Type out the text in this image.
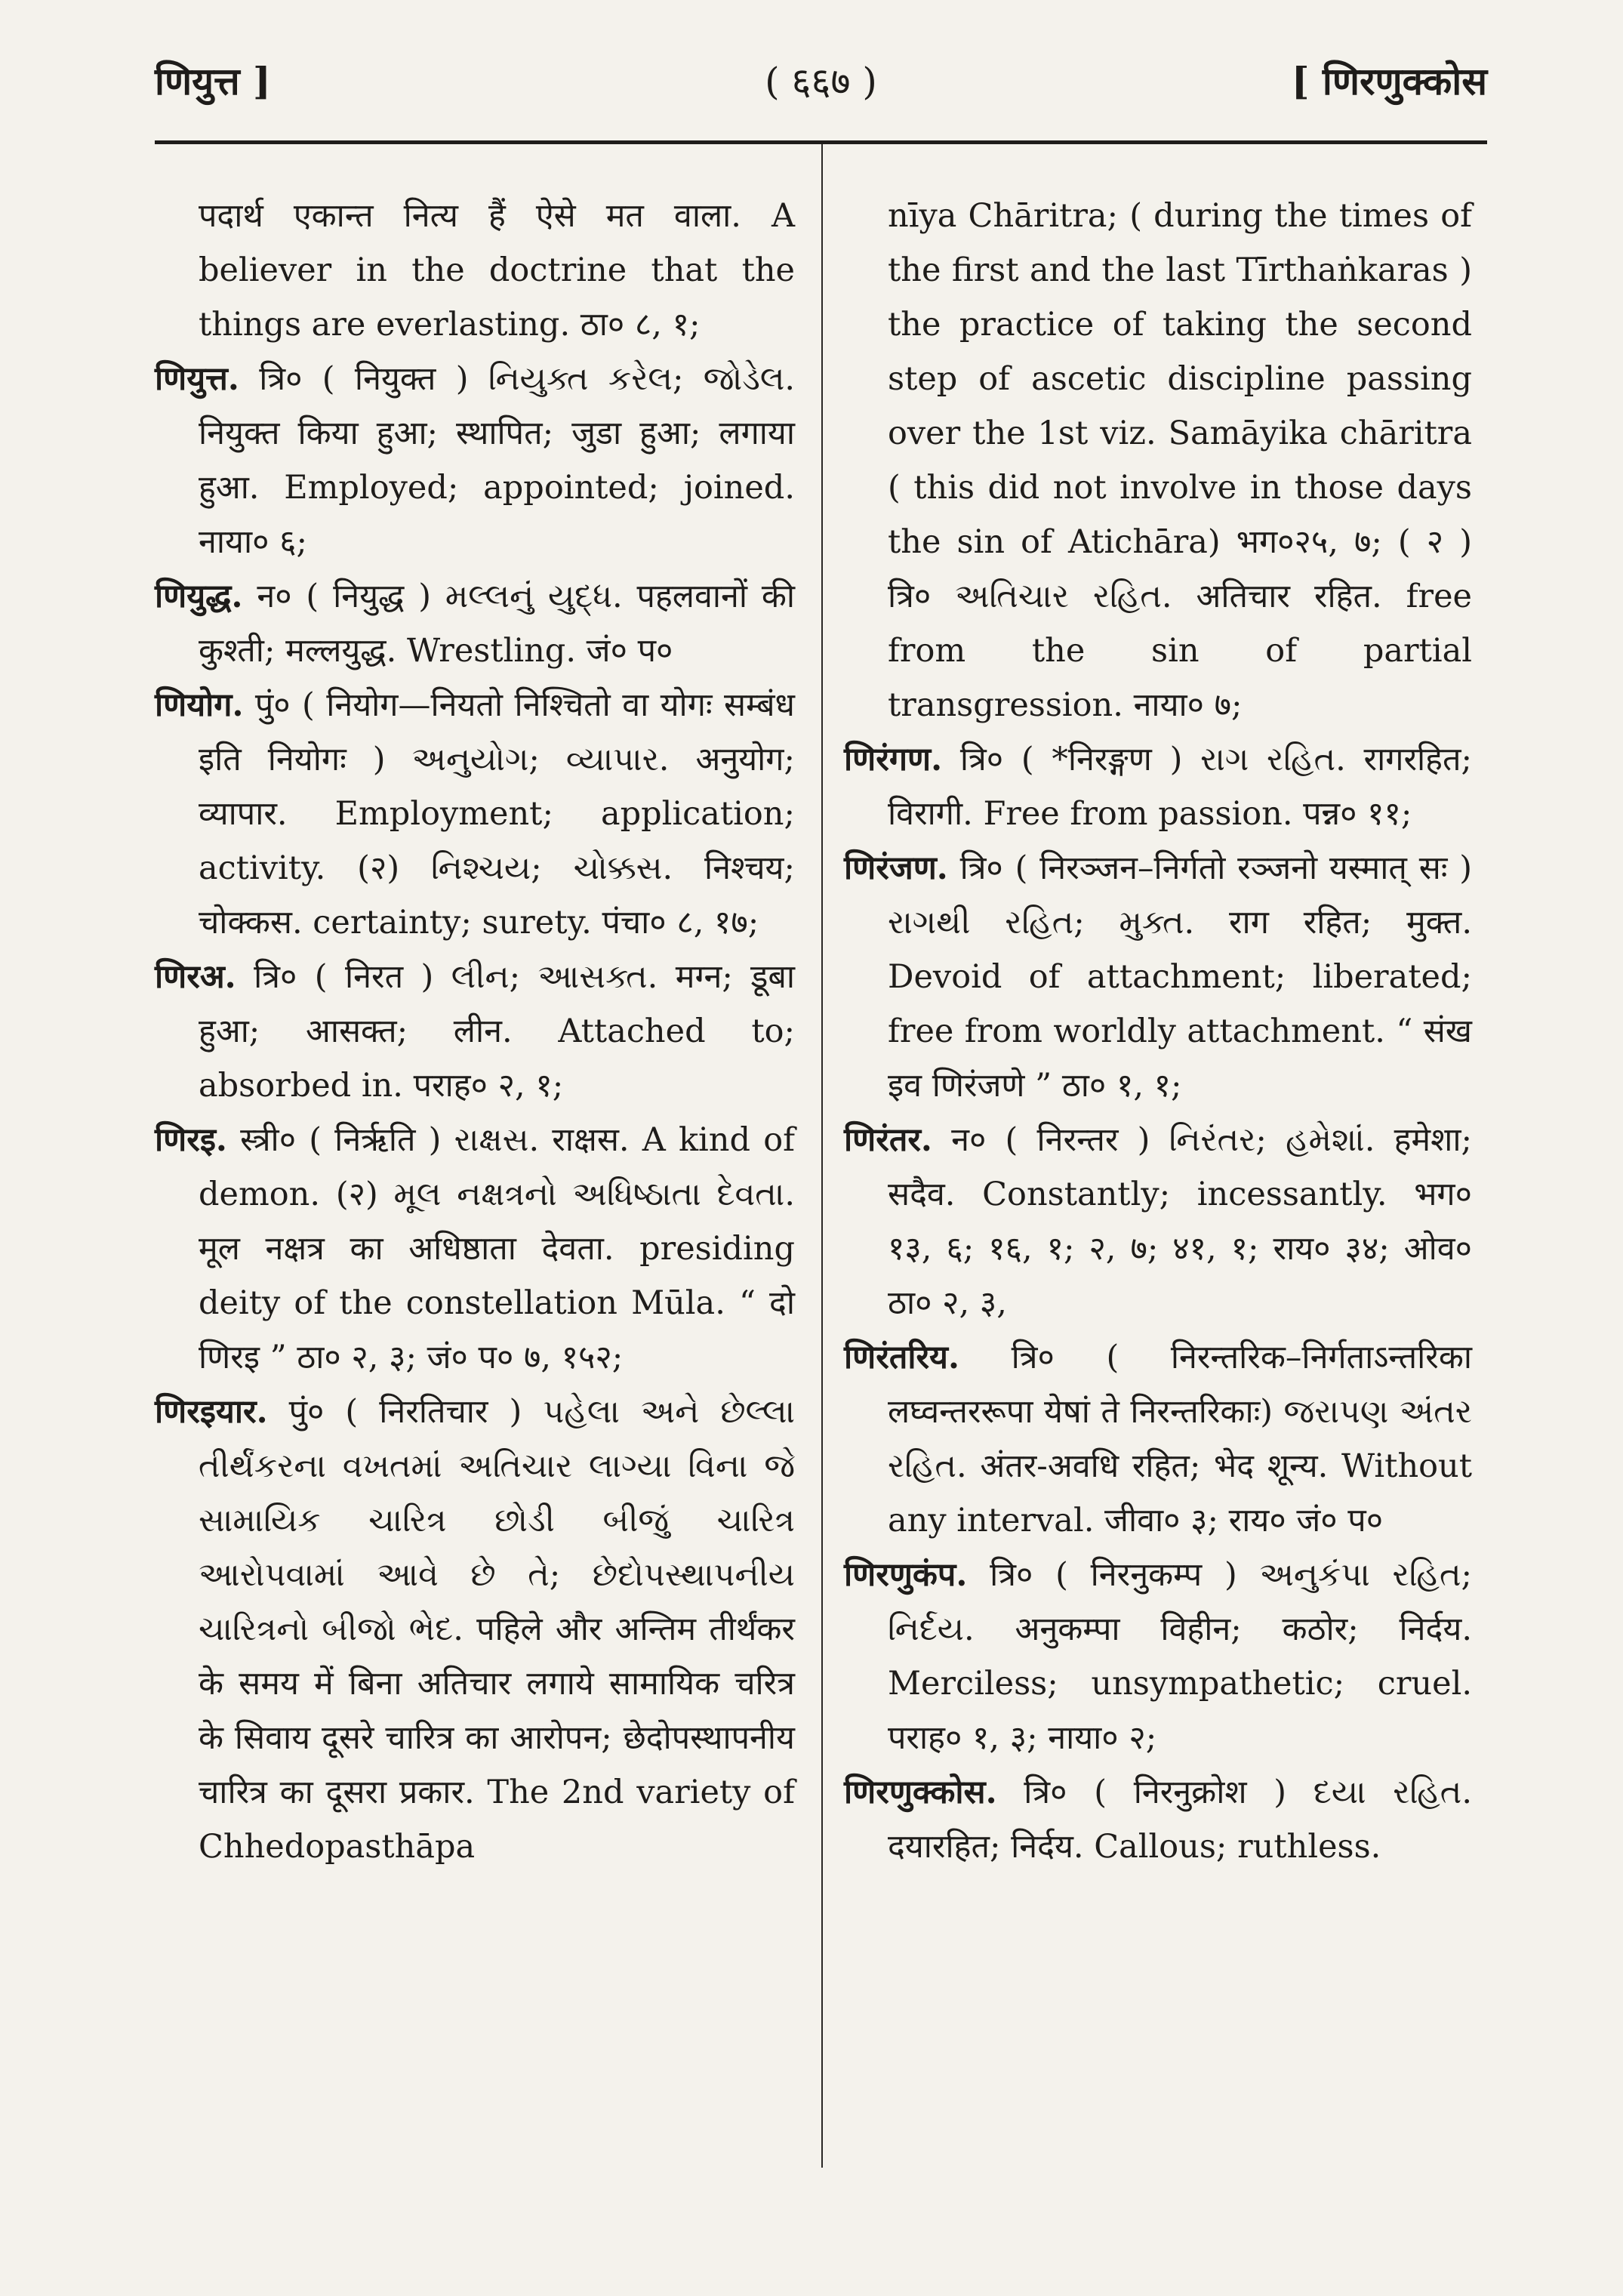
णियुत्त ]	( ६६७ )	[ णिरणुक्कोस

पदार्थ एकान्त नित्य हैं ऐसे मत वाला. A believer in the doctrine that the things are everlasting. ठा० ८, १;

णियुत्त. त्रि० ( नियुक्त ) નિયુક્ત કરેલ; જોડેલ. नियुक्त किया हुआ; स्थापित; जुडा हुआ; लगाया हुआ. Employed; appointed; joined. नाया० ६;

णियुद्ध. न० ( नियुद्ध ) મલ્લનું યુદ્ધ. पहलवानों की कुश्ती; मल्लयुद्ध. Wrestling. जं० प०

णियोग. पुं० ( नियोग—नियतो निश्चितो वा योगः सम्बंध इति नियोगः ) અનુયોગ; વ્યાપાર. अनुयोग; व्यापार. Employment; application; activity. (२) નિશ્ચય; ચોક્કસ. निश्चय; चोक्कस. certainty; surety. पंचा० ८, १७;

णिरअ. त्रि० ( निरत ) લીન; આસક્ત. मग्न; डूबा हुआ; आसक्त; लीन. Attached to; absorbed in. पराह० २, १;

णिरइ. स्त्री० ( निर्ऋति ) રાક્ષસ. राक्षस. A kind of demon. (२) મૂલ નક્ષત્રનો અધિષ્ઠાતા દેવતા. मूल नक्षत्र का अधिष्ठाता देवता. presiding deity of the constellation Mūla. “ दो णिरइ ” ठा० २, ३; जं० प० ७, १५२;

णिरइयार. पुं० ( निरतिचार ) પહેલા અને છેલ્લા તીર્થંકરના વખતમાં અતિચાર લાગ્યા વિના જે સામાયિક ચારિત્ર છોડી બીજું ચારિત્ર આરોપવામાં આવે છે તે; છેદોપસ્થાપનીય ચારિત્રનો બીજો ભેદ. पहिले और अन्तिम तीर्थंकर के समय में बिना अतिचार लगाये सामायिक चरित्र के सिवाय दूसरे चारित्र का आरोपन; छेदोपस्थापनीय चारित्र का दूसरा प्रकार. The 2nd variety of Chhedopasthāpa

nīya Chāritra; ( during the times of the first and the last Tīrthaṅkaras ) the practice of taking the second step of ascetic discipline passing over the 1st viz. Samāyika chāritra ( this did not involve in those days the sin of Atichāra) भग०२५, ७; ( २ ) त्रि० અતિચાર રહિત. अतिचार रहित. free from the sin of partial transgression. नाया० ७;

णिरंगण. त्रि० ( *निरङ्गण ) રાગ રહિત. रागरहित; विरागी. Free from passion. पन्न० ११;

णिरंजण. त्रि० ( निरञ्जन–निर्गतो रञ्जनो यस्मात् सः ) રાગથી રહિત; મુક્ત. राग रहित; मुक्त. Devoid of attachment; liberated; free from worldly attachment. “ संख इव णिरंजणे ” ठा० १, १;

णिरंतर. न० ( निरन्तर ) નિરંતર; હમેશાં. हमेशा; सदैव. Constantly; incessantly. भग० १३, ६; १६, १; २, ७; ४१, १; राय० ३४; ओव० ठा० २, ३,

णिरंतरिय. त्रि० ( निरन्तरिक–निर्गताऽन्तरिका लघ्वन्तररूपा येषां ते निरन्तरिकाः) જરાપણ અંતર રહિત. अंतर-अवधि रहित; भेद शून्य. Without any interval. जीवा० ३; राय० जं० प०

णिरणुकंप. त्रि० ( निरनुकम्प ) અનુકંપા રહિત; નિર્દય. अनुकम्पा विहीन; कठोर; निर्दय. Merciless; unsympathetic; cruel. पराह० १, ३; नाया० २;

णिरणुक्कोस. त्रि० ( निरनुक्रोश ) દયા રહિત. दयारहित; निर्दय. Callous; ruthless.
